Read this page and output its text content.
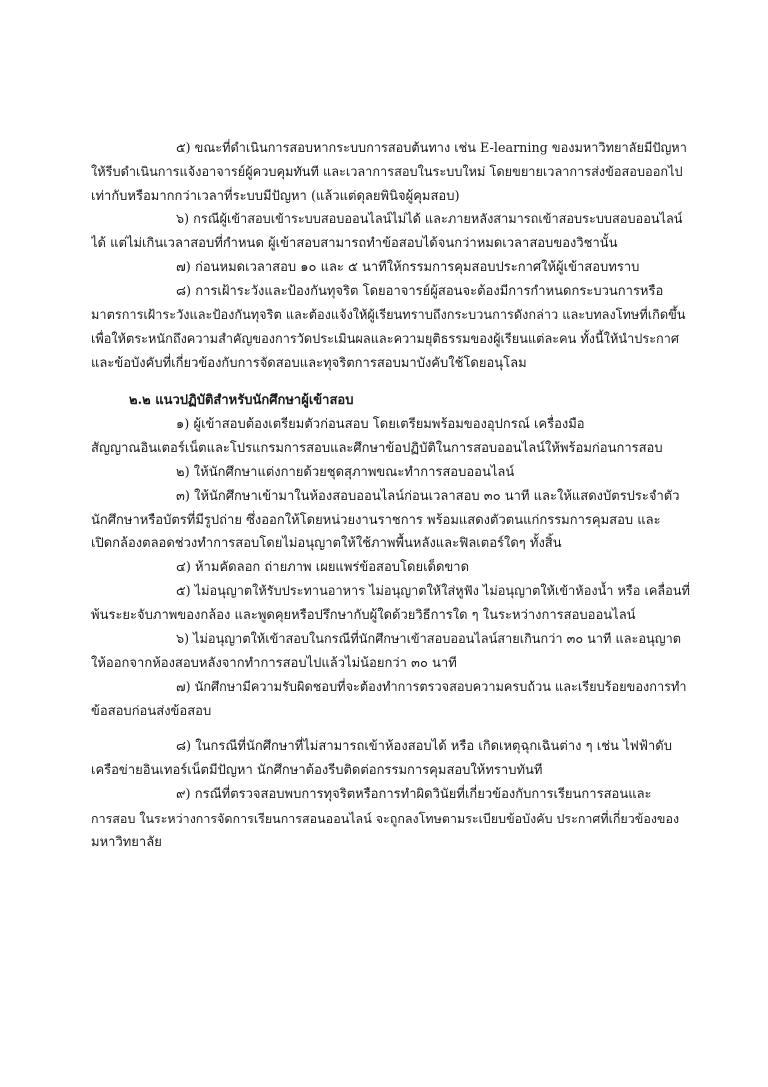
๕) ขณะที่ดำเนินการสอบหากระบบการสอบต้นทาง เช่น E-learning ของมหาวิทยาลัยมีปัญหา
ให้รีบดำเนินการแจ้งอาจารย์ผู้ควบคุมทันที และเวลาการสอบในระบบใหม่ โดยขยายเวลาการส่งข้อสอบออกไป
เท่ากับหรือมากกว่าเวลาที่ระบบมีปัญหา (แล้วแต่ดุลยพินิจผู้คุมสอบ)
๖) กรณีผู้เข้าสอบเข้าระบบสอบออนไลน์ไม่ได้ และภายหลังสามารถเข้าสอบระบบสอบออนไลน์
ได้ แต่ไม่เกินเวลาสอบที่กำหนด ผู้เข้าสอบสามารถทำข้อสอบได้จนกว่าหมดเวลาสอบของวิชานั้น
๗) ก่อนหมดเวลาสอบ ๑๐ และ ๕ นาทีให้กรรมการคุมสอบประกาศให้ผู้เข้าสอบทราบ
๘) การเฝ้าระวังและป้องกันทุจริต โดยอาจารย์ผู้สอนจะต้องมีการกำหนดกระบวนการหรือ
มาตรการเฝ้าระวังและป้องกันทุจริต และต้องแจ้งให้ผู้เรียนทราบถึงกระบวนการดังกล่าว และบทลงโทษที่เกิดขึ้น
เพื่อให้ตระหนักถึงความสำคัญของการวัดประเมินผลและความยุติธรรมของผู้เรียนแต่ละคน ทั้งนี้ให้นำประกาศ
และข้อบังคับที่เกี่ยวข้องกับการจัดสอบและทุจริตการสอบมาบังคับใช้โดยอนุโลม
๒.๒ แนวปฏิบัติสำหรับนักศึกษาผู้เข้าสอบ
๑) ผู้เข้าสอบต้องเตรียมตัวก่อนสอบ โดยเตรียมพร้อมของอุปกรณ์ เครื่องมือ
สัญญาณอินเตอร์เน็ตและโปรแกรมการสอบและศึกษาข้อปฏิบัติในการสอบออนไลน์ให้พร้อมก่อนการสอบ
๒) ให้นักศึกษาแต่งกายด้วยชุดสุภาพขณะทำการสอบออนไลน์
๓) ให้นักศึกษาเข้ามาในห้องสอบออนไลน์ก่อนเวลาสอบ ๓๐ นาที และให้แสดงบัตรประจำตัว
นักศึกษาหรือบัตรที่มีรูปถ่าย ซึ่งออกให้โดยหน่วยงานราชการ พร้อมแสดงตัวตนแก่กรรมการคุมสอบ และ
เปิดกล้องตลอดช่วงทำการสอบโดยไม่อนุญาตให้ใช้ภาพพื้นหลังและฟิลเตอร์ใดๆ ทั้งสิ้น
๔) ห้ามคัดลอก ถ่ายภาพ เผยแพร่ข้อสอบโดยเด็ดขาด
๕) ไม่อนุญาตให้รับประทานอาหาร ไม่อนุญาตให้ใส่หูฟัง ไม่อนุญาตให้เข้าห้องน้ำ หรือ เคลื่อนที่
พ้นระยะจับภาพของกล้อง และพูดคุยหรือปรึกษากับผู้ใดด้วยวิธีการใด ๆ ในระหว่างการสอบออนไลน์
๖) ไม่อนุญาตให้เข้าสอบในกรณีที่นักศึกษาเข้าสอบออนไลน์สายเกินกว่า ๓๐ นาที และอนุญาต
ให้ออกจากห้องสอบหลังจากทำการสอบไปแล้วไม่น้อยกว่า ๓๐ นาที
๗) นักศึกษามีความรับผิดชอบที่จะต้องทำการตรวจสอบความครบถ้วน และเรียบร้อยของการทำ
ข้อสอบก่อนส่งข้อสอบ
๘) ในกรณีที่นักศึกษาที่ไม่สามารถเข้าห้องสอบได้ หรือ เกิดเหตุฉุกเฉินต่าง ๆ เช่น ไฟฟ้าดับ
เครือข่ายอินเทอร์เน็ตมีปัญหา นักศึกษาต้องรีบติดต่อกรรมการคุมสอบให้ทราบทันที
๙) กรณีที่ตรวจสอบพบการทุจริตหรือการทำผิดวินัยที่เกี่ยวข้องกับการเรียนการสอนและ
การสอบ ในระหว่างการจัดการเรียนการสอนออนไลน์ จะถูกลงโทษตามระเบียบข้อบังคับ ประกาศที่เกี่ยวข้องของ
มหาวิทยาลัย
